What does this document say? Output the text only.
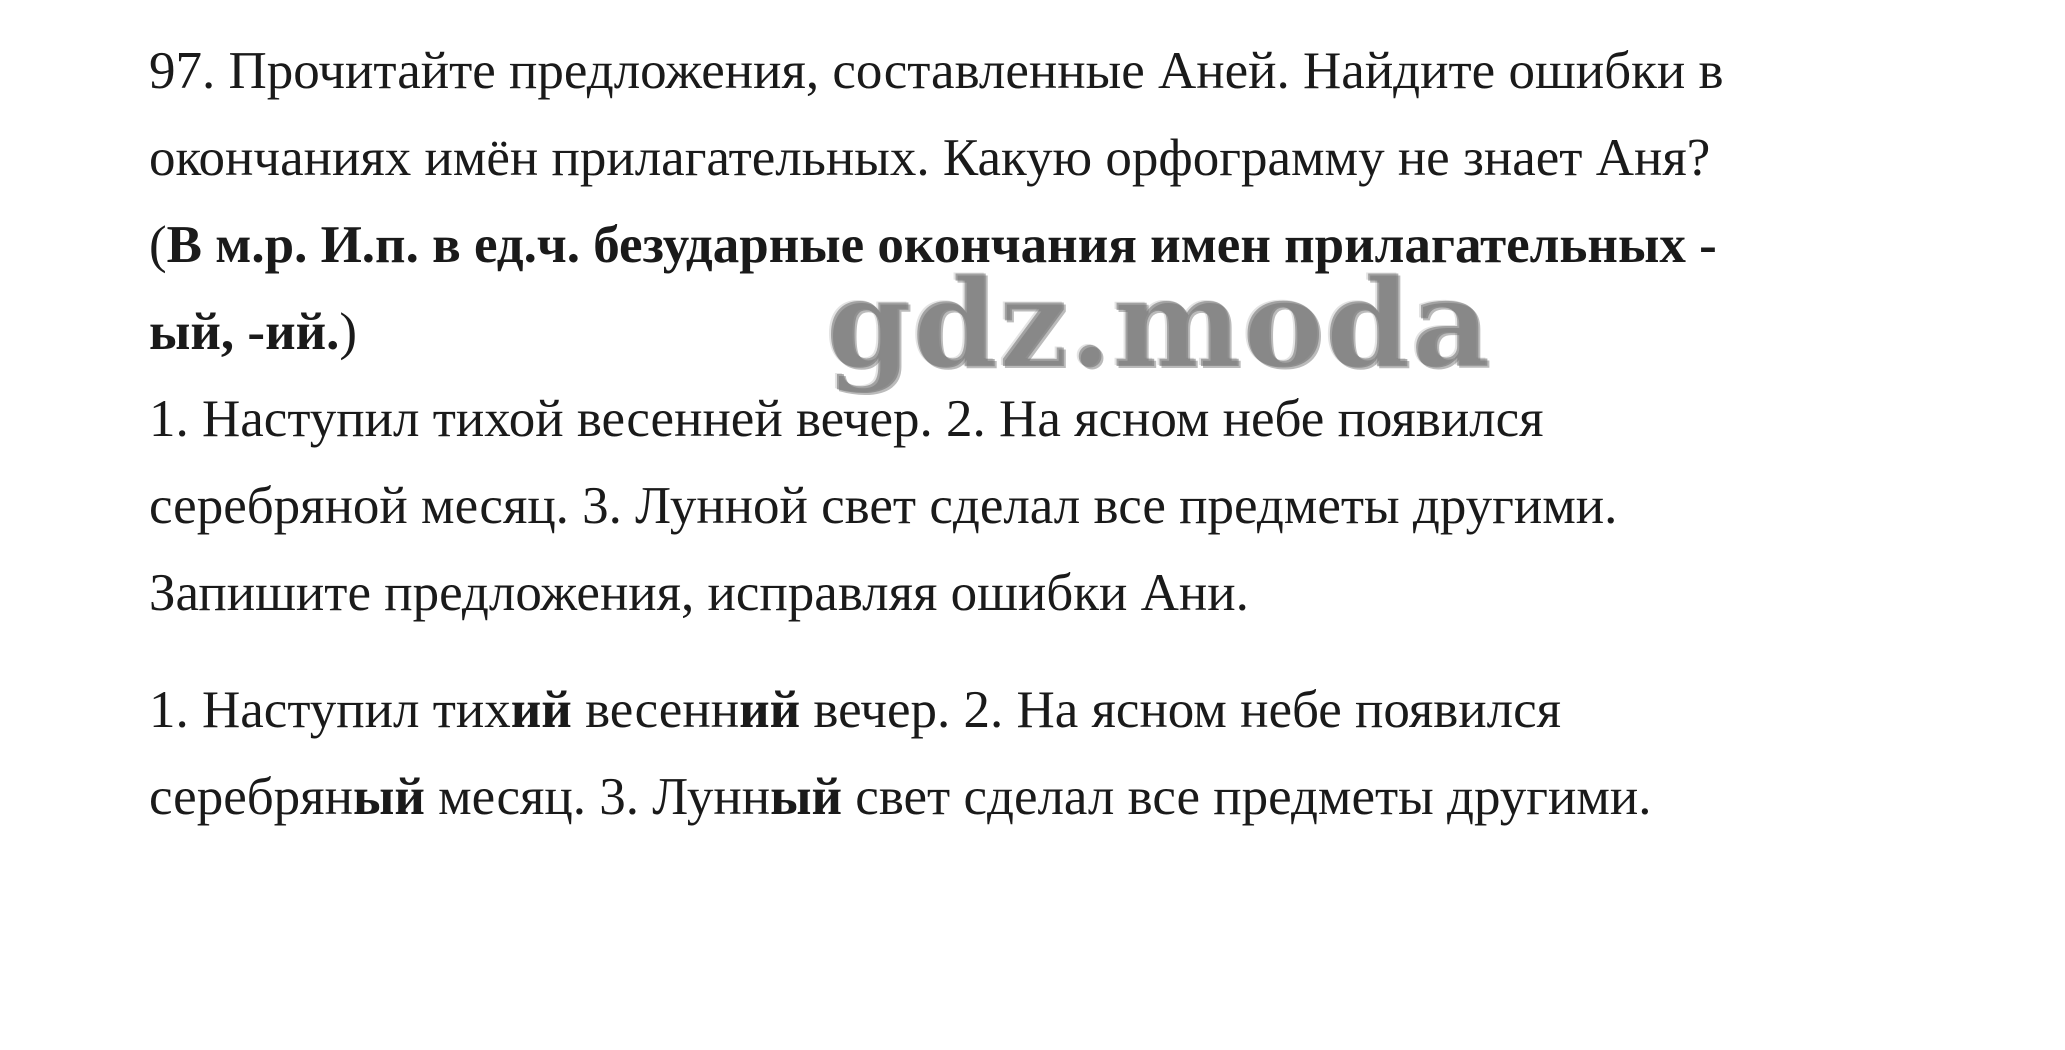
97. Прочитайте предложения, составленные Аней. Найдите ошибки в
окончаниях имён прилагательных. Какую орфограмму не знает Аня?
(В м.р. И.п. в ед.ч. безударные окончания имен прилагательных -
ый, -ий.)
1. Наступил тихой весенней вечер. 2. На ясном небе появился
серебряной месяц. 3. Лунной свет сделал все предметы другими.
Запишите предложения, исправляя ошибки Ани.
1. Наступил тихий весенний вечер. 2. На ясном небе появился
серебряный месяц. 3. Лунный свет сделал все предметы другими.
gdz.moda
